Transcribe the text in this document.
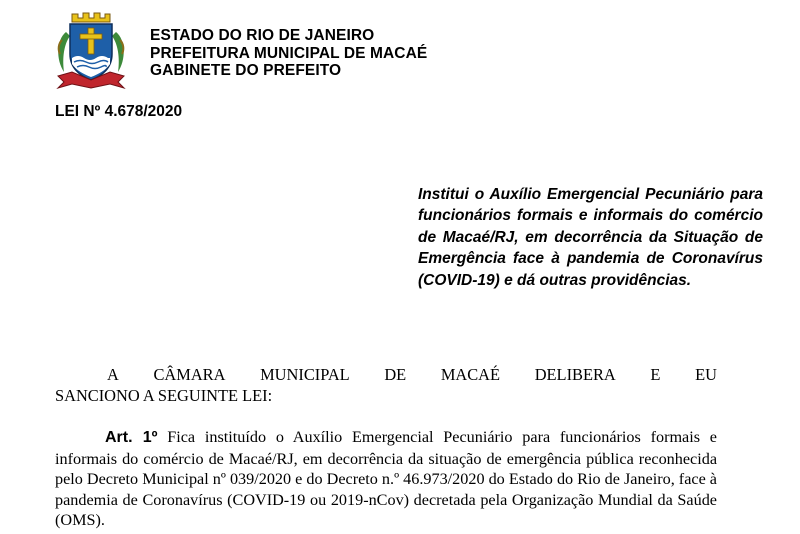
ESTADO DO RIO DE JANEIRO
PREFEITURA MUNICIPAL DE MACAÉ
GABINETE DO PREFEITO
LEI Nº 4.678/2020
Institui o Auxílio Emergencial Pecuniário para funcionários formais e informais do comércio de Macaé/RJ, em decorrência da Situação de Emergência face à pandemia de Coronavírus (COVID-19) e dá outras providências.
A CÂMARA MUNICIPAL DE MACAÉ DELIBERA E EU
SANCIONO A SEGUINTE LEI:
Art. 1º Fica instituído o Auxílio Emergencial Pecuniário para funcionários formais e informais do comércio de Macaé/RJ, em decorrência da situação de emergência pública reconhecida pelo Decreto Municipal nº 039/2020 e do Decreto n.º 46.973/2020 do Estado do Rio de Janeiro, face à pandemia de Coronavírus (COVID-19 ou 2019-nCov) decretada pela Organização Mundial da Saúde (OMS).
